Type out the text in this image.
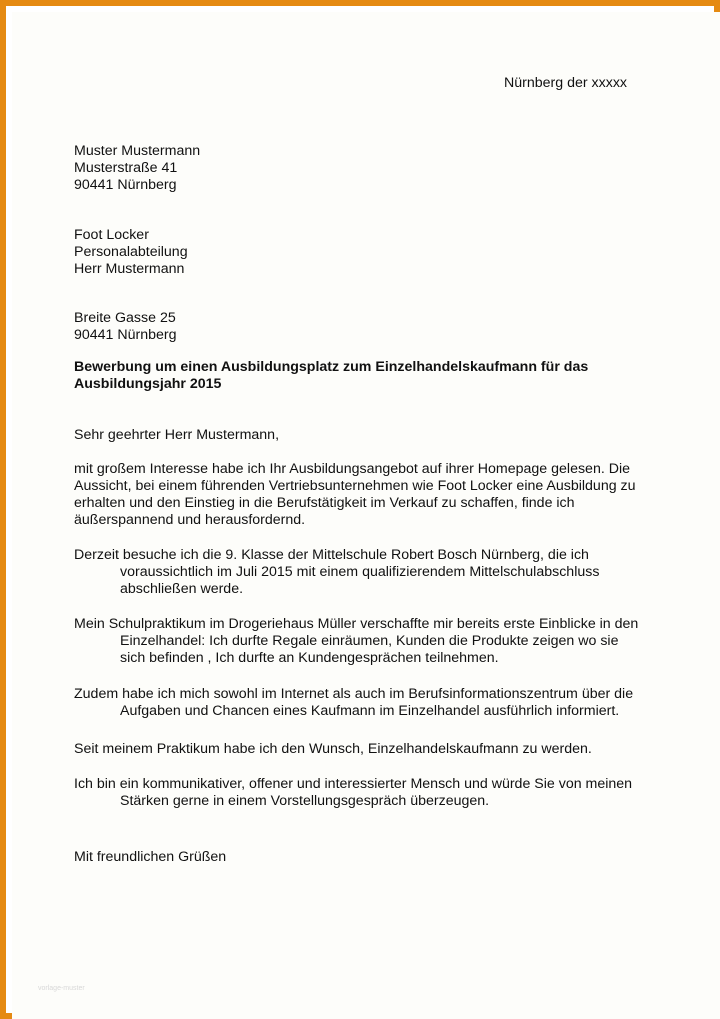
Nürnberg der xxxxx
Muster Mustermann
Musterstraße 41
90441 Nürnberg
Foot Locker
Personalabteilung
Herr Mustermann
Breite Gasse 25
90441 Nürnberg
Bewerbung um einen Ausbildungsplatz zum Einzelhandelskaufmann für das
Ausbildungsjahr 2015
Sehr geehrter Herr Mustermann,
mit großem Interesse habe ich Ihr Ausbildungsangebot auf ihrer Homepage gelesen. Die
Aussicht, bei einem führenden Vertriebsunternehmen wie Foot Locker eine Ausbildung zu
erhalten und den Einstieg in die Berufstätigkeit im Verkauf zu schaffen, finde ich
äußerspannend und herausfordernd.
Derzeit besuche ich die 9. Klasse der Mittelschule Robert Bosch Nürnberg, die ich
voraussichtlich im Juli 2015 mit einem qualifizierendem Mittelschulabschluss
abschließen werde.
Mein Schulpraktikum im Drogeriehaus Müller verschaffte mir bereits erste Einblicke in den
Einzelhandel: Ich durfte Regale einräumen, Kunden die Produkte zeigen wo sie
sich befinden , Ich durfte an Kundengesprächen teilnehmen.
Zudem habe ich mich sowohl im Internet als auch im Berufsinformationszentrum über die
Aufgaben und Chancen eines Kaufmann im Einzelhandel ausführlich informiert.
Seit meinem Praktikum habe ich den Wunsch, Einzelhandelskaufmann zu werden.
Ich bin ein kommunikativer, offener und interessierter Mensch und würde Sie von meinen
Stärken gerne in einem Vorstellungsgespräch überzeugen.
Mit freundlichen Grüßen
vorlage-muster
